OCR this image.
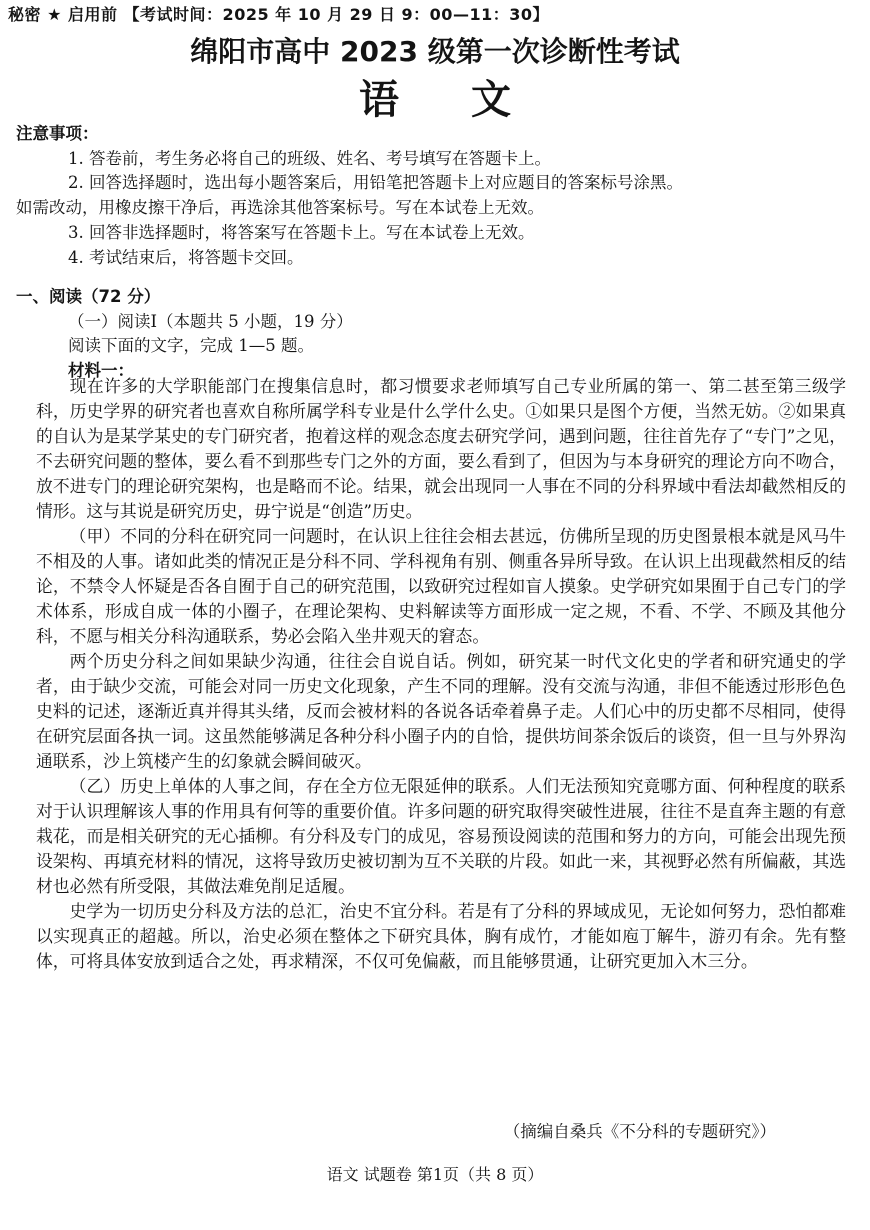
秘密 ★ 启用前 【考试时间：2025 年 10 月 29 日 9：00—11：30】
绵阳市高中 2023 级第一次诊断性考试
语文
注意事项：
1. 答卷前，考生务必将自己的班级、姓名、考号填写在答题卡上。
2. 回答选择题时，选出每小题答案后，用铅笔把答题卡上对应题目的答案标号涂黑。
如需改动，用橡皮擦干净后，再选涂其他答案标号。写在本试卷上无效。
3. 回答非选择题时，将答案写在答题卡上。写在本试卷上无效。
4. 考试结束后，将答题卡交回。
一、阅读（72 分）
（一）阅读Ⅰ（本题共 5 小题，19 分）
阅读下面的文字，完成 1—5 题。
材料一：

现在许多的大学职能部门在搜集信息时，都习惯要求老师填写自己专业所属的第一、第二甚至第三级学科，历史学界的研究者也喜欢自称所属学科专业是什么学什么史。①如果只是图个方便，当然无妨。②如果真的自认为是某学某史的专门研究者，抱着这样的观念态度去研究学问，遇到问题，往往首先存了“专门”之见，不去研究问题的整体，要么看不到那些专门之外的方面，要么看到了，但因为与本身研究的理论方向不吻合，放不进专门的理论研究架构，也是略而不论。结果，就会出现同一人事在不同的分科界域中看法却截然相反的情形。这与其说是研究历史，毋宁说是“创造”历史。

（甲）不同的分科在研究同一问题时，在认识上往往会相去甚远，仿佛所呈现的历史图景根本就是风马牛不相及的人事。诸如此类的情况正是分科不同、学科视角有别、侧重各异所导致。在认识上出现截然相反的结论，不禁令人怀疑是否各自囿于自己的研究范围，以致研究过程如盲人摸象。史学研究如果囿于自己专门的学术体系，形成自成一体的小圈子，在理论架构、史料解读等方面形成一定之规，不看、不学、不顾及其他分科，不愿与相关分科沟通联系，势必会陷入坐井观天的窘态。

两个历史分科之间如果缺少沟通，往往会自说自话。例如，研究某一时代文化史的学者和研究通史的学者，由于缺少交流，可能会对同一历史文化现象，产生不同的理解。没有交流与沟通，非但不能透过形形色色史料的记述，逐渐近真并得其头绪，反而会被材料的各说各话牵着鼻子走。人们心中的历史都不尽相同，使得在研究层面各执一词。这虽然能够满足各种分科小圈子内的自恰，提供坊间茶余饭后的谈资，但一旦与外界沟通联系，沙上筑楼产生的幻象就会瞬间破灭。

（乙）历史上单体的人事之间，存在全方位无限延伸的联系。人们无法预知究竟哪方面、何种程度的联系对于认识理解该人事的作用具有何等的重要价值。许多问题的研究取得突破性进展，往往不是直奔主题的有意栽花，而是相关研究的无心插柳。有分科及专门的成见，容易预设阅读的范围和努力的方向，可能会出现先预设架构、再填充材料的情况，这将导致历史被切割为互不关联的片段。如此一来，其视野必然有所偏蔽，其选材也必然有所受限，其做法难免削足适履。

史学为一切历史分科及方法的总汇，治史不宜分科。若是有了分科的界域成见，无论如何努力，恐怕都难以实现真正的超越。所以，治史必须在整体之下研究具体，胸有成竹，才能如庖丁解牛，游刃有余。先有整体，可将具体安放到适合之处，再求精深，不仅可免偏蔽，而且能够贯通，让研究更加入木三分。

（摘编自桑兵《不分科的专题研究》）
语文 试题卷 第1页（共 8 页）
